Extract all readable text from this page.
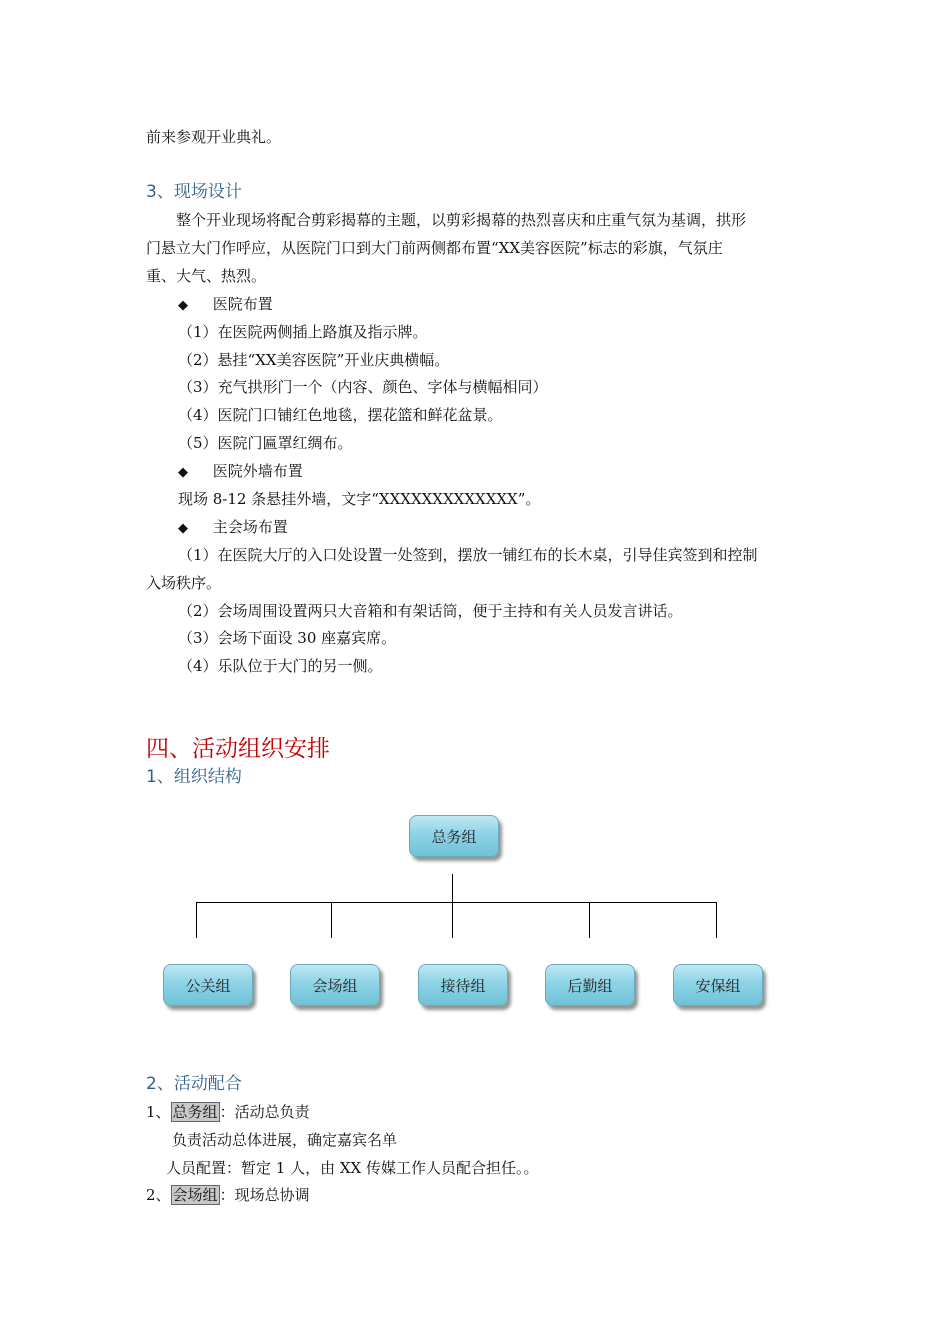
前来参观开业典礼。
3、现场设计
整个开业现场将配合剪彩揭幕的主题，以剪彩揭幕的热烈喜庆和庄重气氛为基调，拱形
门悬立大门作呼应，从医院门口到大门前两侧都布置“XX美容医院”标志的彩旗，气氛庄
重、大气、热烈。
◆ 医院布置
（1）在医院两侧插上路旗及指示牌。
（2）悬挂“XX美容医院”开业庆典横幅。
（3）充气拱形门一个（内容、颜色、字体与横幅相同）
（4）医院门口铺红色地毯，摆花篮和鲜花盆景。
（5）医院门匾罩红绸布。
◆ 医院外墙布置
现场 8-12 条悬挂外墙，文字“XXXXXXXXXXXXX”。
◆ 主会场布置
（1）在医院大厅的入口处设置一处签到，摆放一铺红布的长木桌，引导佳宾签到和控制
入场秩序。
（2）会场周围设置两只大音箱和有架话筒，便于主持和有关人员发言讲话。
（3）会场下面设 30 座嘉宾席。
（4）乐队位于大门的另一侧。
四、活动组织安排
1、组织结构
总务组
公关组	会场组	接待组	后勤组	安保组
2、活动配合
1、 总务组 ：活动总负责
负责活动总体进展，确定嘉宾名单
人员配置：暂定 1 人，由 XX 传媒工作人员配合担任。。
2、 会场组 ：现场总协调
